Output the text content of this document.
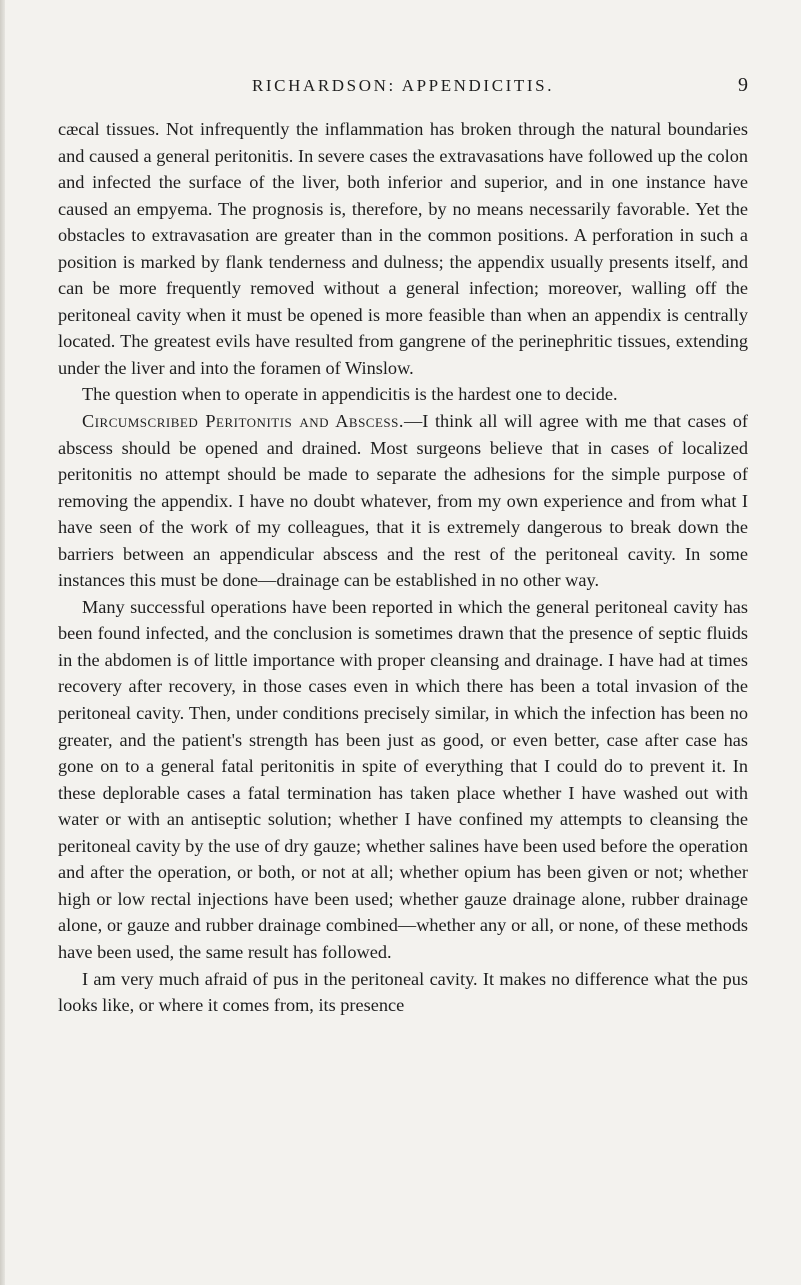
RICHARDSON: APPENDICITIS.	9

cæcal tissues. Not infrequently the inflammation has broken through the natural boundaries and caused a general peritonitis. In severe cases the extravasations have followed up the colon and infected the surface of the liver, both inferior and superior, and in one instance have caused an empyema. The prognosis is, therefore, by no means necessarily favorable. Yet the obstacles to extravasation are greater than in the common positions. A perforation in such a position is marked by flank tenderness and dulness; the appendix usually presents itself, and can be more frequently removed without a general infection; moreover, walling off the peritoneal cavity when it must be opened is more feasible than when an appendix is centrally located. The greatest evils have resulted from gangrene of the perinephritic tissues, extending under the liver and into the foramen of Winslow.

The question when to operate in appendicitis is the hardest one to decide.

Circumscribed Peritonitis and Abscess.—I think all will agree with me that cases of abscess should be opened and drained. Most surgeons believe that in cases of localized peritonitis no attempt should be made to separate the adhesions for the simple purpose of removing the appendix. I have no doubt whatever, from my own experience and from what I have seen of the work of my colleagues, that it is extremely dangerous to break down the barriers between an appendicular abscess and the rest of the peritoneal cavity. In some instances this must be done—drainage can be established in no other way.

Many successful operations have been reported in which the general peritoneal cavity has been found infected, and the conclusion is sometimes drawn that the presence of septic fluids in the abdomen is of little importance with proper cleansing and drainage. I have had at times recovery after recovery, in those cases even in which there has been a total invasion of the peritoneal cavity. Then, under conditions precisely similar, in which the infection has been no greater, and the patient's strength has been just as good, or even better, case after case has gone on to a general fatal peritonitis in spite of everything that I could do to prevent it. In these deplorable cases a fatal termination has taken place whether I have washed out with water or with an antiseptic solution; whether I have confined my attempts to cleansing the peritoneal cavity by the use of dry gauze; whether salines have been used before the operation and after the operation, or both, or not at all; whether opium has been given or not; whether high or low rectal injections have been used; whether gauze drainage alone, rubber drainage alone, or gauze and rubber drainage combined—whether any or all, or none, of these methods have been used, the same result has followed.

I am very much afraid of pus in the peritoneal cavity. It makes no difference what the pus looks like, or where it comes from, its presence
